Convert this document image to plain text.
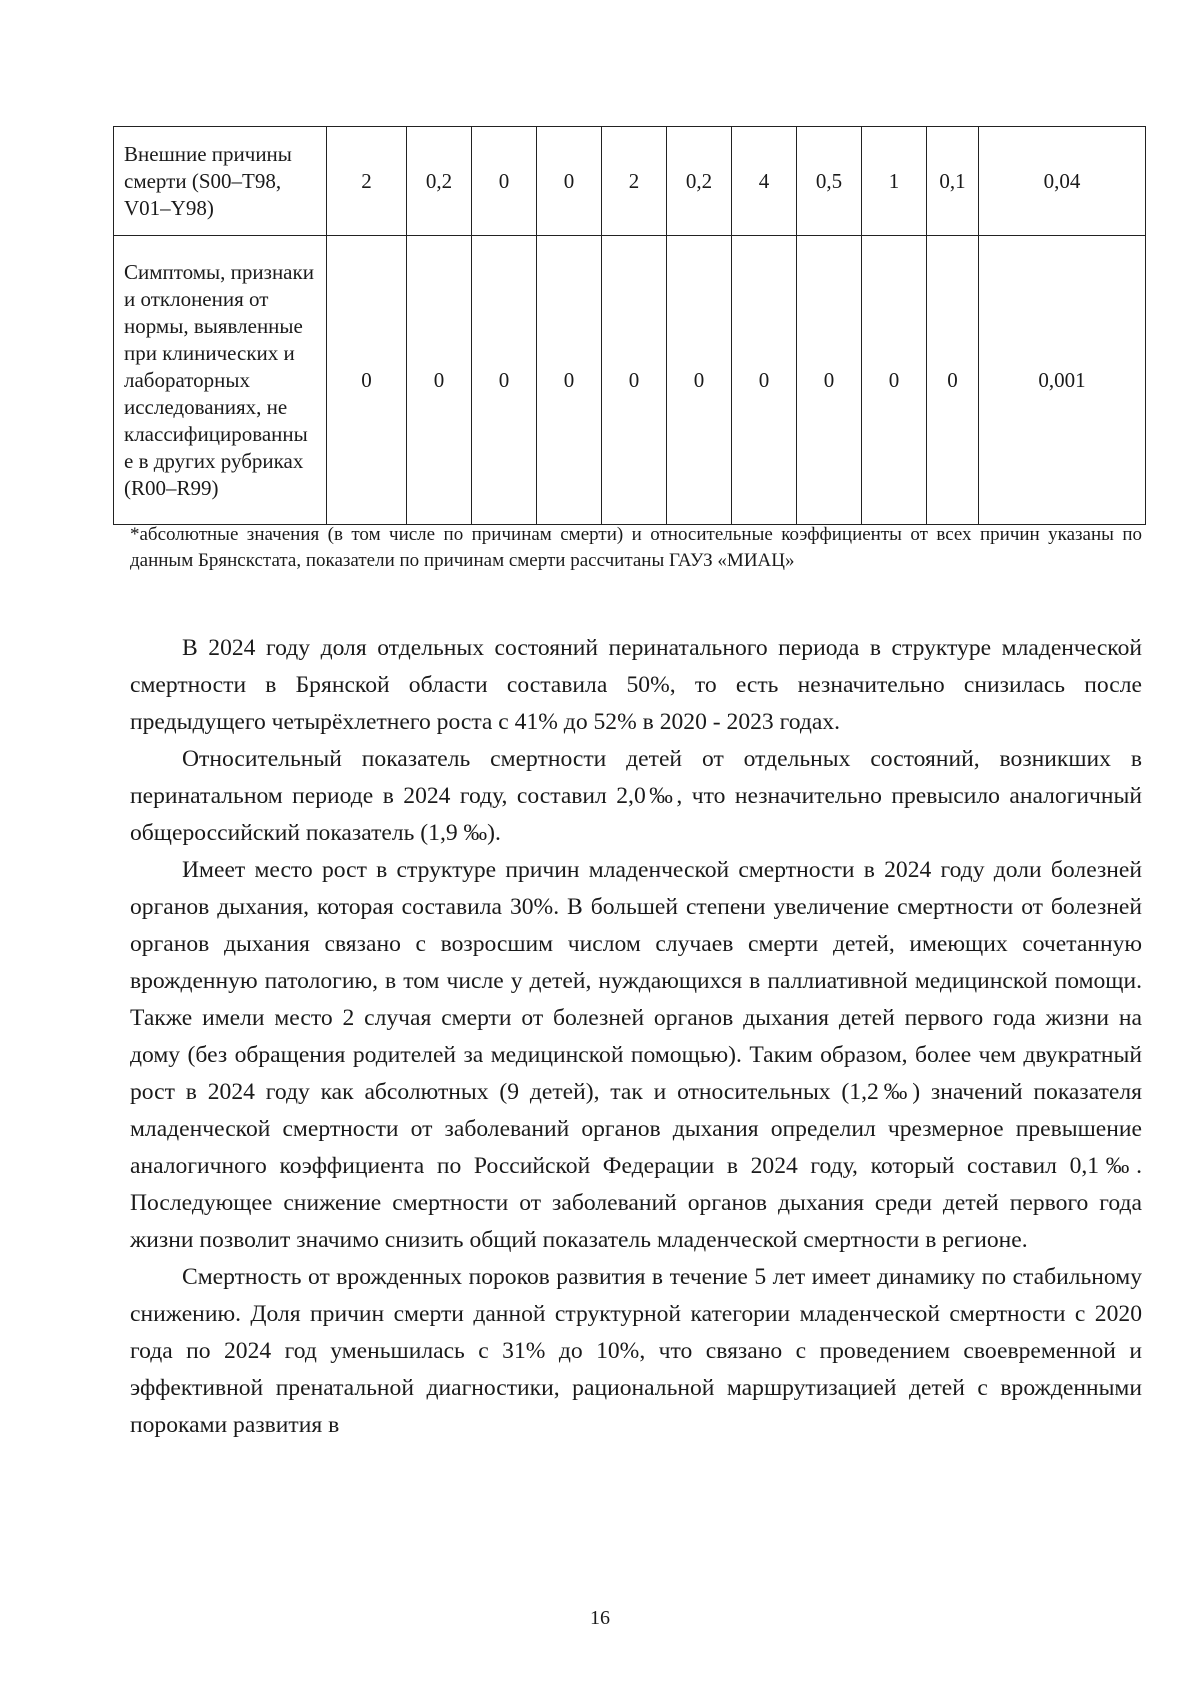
Внешние причины смерти (S00–T98, V01–Y98)	2	0,2	0	0	2	0,2	4	0,5	1	0,1	0,04
Симптомы, признаки и отклонения от нормы, выявленные при клинических и лабораторных исследованиях, не классифицированны е в других рубриках (R00–R99)	0	0	0	0	0	0	0	0	0	0	0,001
*абсолютные значения (в том числе по причинам смерти) и относительные коэффициенты от всех причин указаны по данным Брянскстата, показатели по причинам смерти рассчитаны ГАУЗ «МИАЦ»

В 2024 году доля отдельных состояний перинатального периода в структуре младенческой смертности в Брянской области составила 50%, то есть незначительно снизилась после предыдущего четырёхлетнего роста с 41% до 52% в 2020 - 2023 годах.

Относительный показатель смертности детей от отдельных состояний, возникших в перинатальном периоде в 2024 году, составил 2,0‰, что незначительно превысило аналогичный общероссийский показатель (1,9 ‰).

Имеет место рост в структуре причин младенческой смертности в 2024 году доли болезней органов дыхания, которая составила 30%. В большей степени увеличение смертности от болезней органов дыхания связано с возросшим числом случаев смерти детей, имеющих сочетанную врожденную патологию, в том числе у детей, нуждающихся в паллиативной медицинской помощи. Также имели место 2 случая смерти от болезней органов дыхания детей первого года жизни на дому (без обращения родителей за медицинской помощью). Таким образом, более чем двукратный рост в 2024 году как абсолютных (9 детей), так и относительных (1,2‰) значений показателя младенческой смертности от заболеваний органов дыхания определил чрезмерное превышение аналогичного коэффициента по Российской Федерации в 2024 году, который составил 0,1‰. Последующее снижение смертности от заболеваний органов дыхания среди детей первого года жизни позволит значимо снизить общий показатель младенческой смертности в регионе.

Смертность от врожденных пороков развития в течение 5 лет имеет динамику по стабильному снижению. Доля причин смерти данной структурной категории младенческой смертности с 2020 года по 2024 год уменьшилась с 31% до 10%, что связано с проведением своевременной и эффективной пренатальной диагностики, рациональной маршрутизацией детей с врожденными пороками развития в

16
